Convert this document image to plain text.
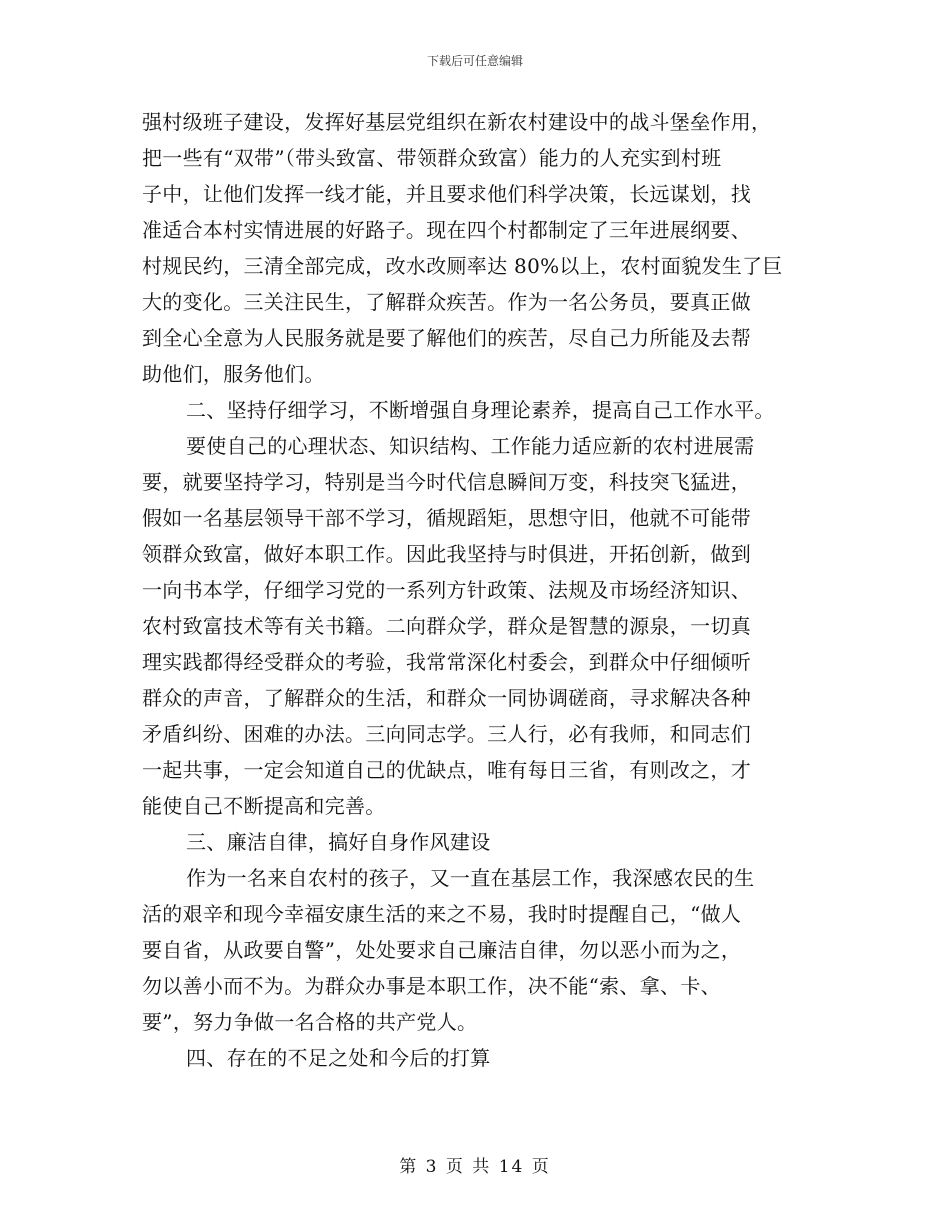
下载后可任意编辑
强村级班子建设，发挥好基层党组织在新农村建设中的战斗堡垒作用，
把一些有“双带”（带头致富、带领群众致富）能力的人充实到村班
子中，让他们发挥一线才能，并且要求他们科学决策，长远谋划，找
准适合本村实情进展的好路子。现在四个村都制定了三年进展纲要、
村规民约，三清全部完成，改水改厕率达 80%以上，农村面貌发生了巨
大的变化。三关注民生，了解群众疾苦。作为一名公务员，要真正做
到全心全意为人民服务就是要了解他们的疾苦，尽自己力所能及去帮
助他们，服务他们。
二、坚持仔细学习，不断增强自身理论素养，提高自己工作水平。
要使自己的心理状态、知识结构、工作能力适应新的农村进展需
要，就要坚持学习，特别是当今时代信息瞬间万变，科技突飞猛进，
假如一名基层领导干部不学习，循规蹈矩，思想守旧，他就不可能带
领群众致富，做好本职工作。因此我坚持与时俱进，开拓创新，做到
一向书本学，仔细学习党的一系列方针政策、法规及市场经济知识、
农村致富技术等有关书籍。二向群众学，群众是智慧的源泉，一切真
理实践都得经受群众的考验，我常常深化村委会，到群众中仔细倾听
群众的声音，了解群众的生活，和群众一同协调磋商，寻求解决各种
矛盾纠纷、困难的办法。三向同志学。三人行，必有我师，和同志们
一起共事，一定会知道自己的优缺点，唯有每日三省，有则改之，才
能使自己不断提高和完善。
三、廉洁自律，搞好自身作风建设
作为一名来自农村的孩子，又一直在基层工作，我深感农民的生
活的艰辛和现今幸福安康生活的来之不易，我时时提醒自己，“做人
要自省，从政要自警”，处处要求自己廉洁自律，勿以恶小而为之，
勿以善小而不为。为群众办事是本职工作，决不能“索、拿、卡、
要”，努力争做一名合格的共产党人。
四、存在的不足之处和今后的打算
第 3 页 共 14 页
